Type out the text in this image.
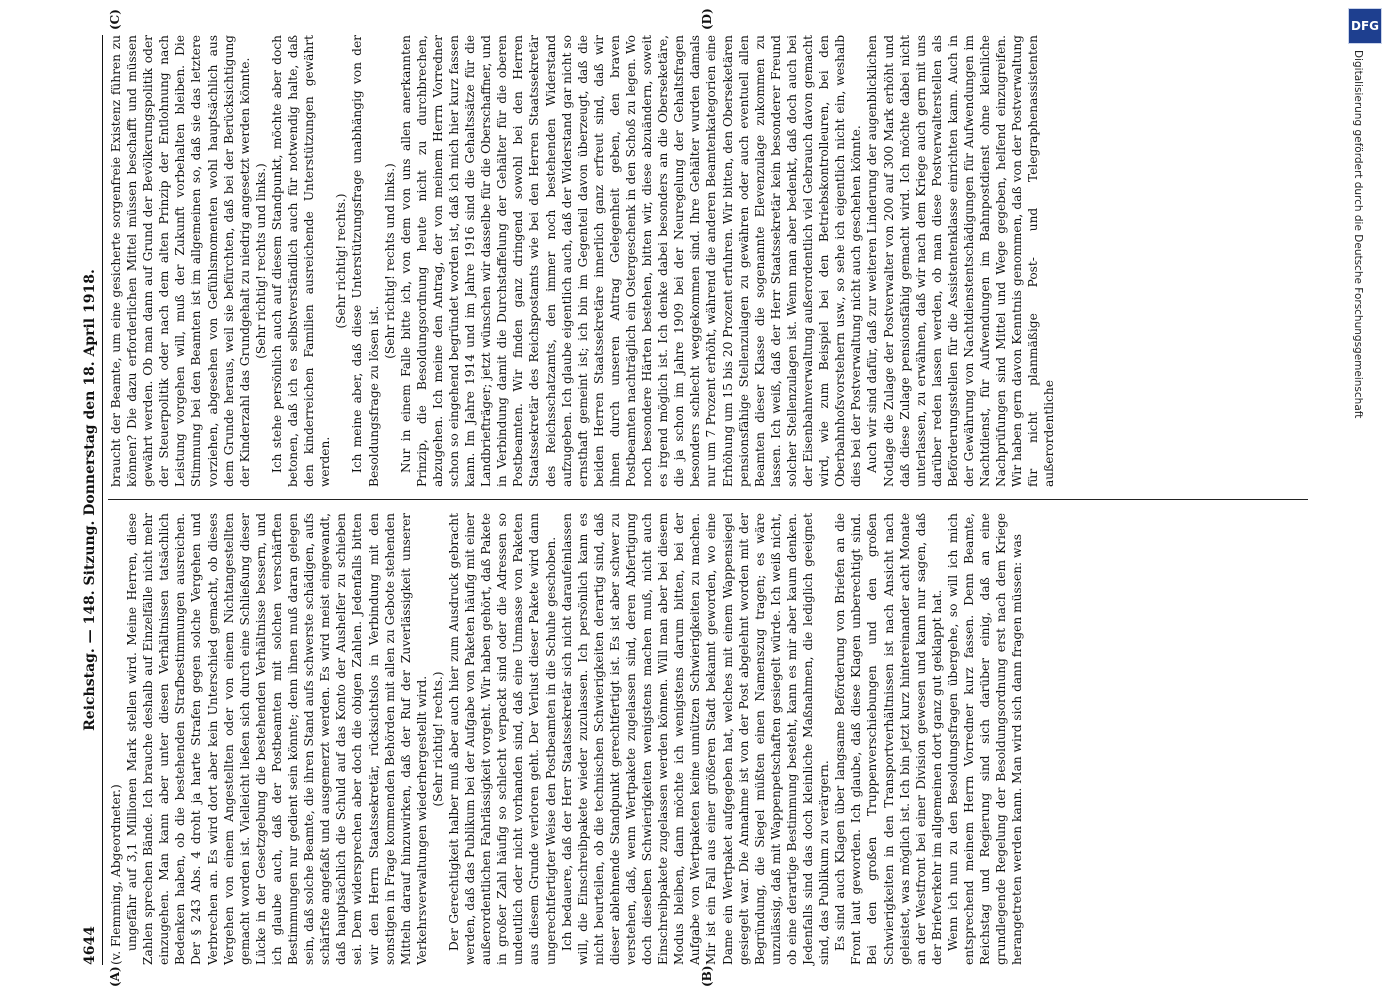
4644
Reichstag. — 148. Sitzung. Donnerstag den 18. April 1918.

(v. Flemming, Abgeordneter.) ungefähr auf 3,1 Millionen Mark stellen wird. Meine Herren, diese Zahlen sprechen Bände. Ich brauche deshalb auf Einzelfälle nicht mehr einzugehen. Man kann aber unter diesen Verhältnissen tatsächlich Bedenken haben, ob die bestehenden Strafbestimmungen ausreichen. Der § 243 Abs. 4 droht ja harte Strafen gegen solche Vergehen und Verbrechen an. Es wird dort aber kein Unterschied gemacht, ob dieses Vergehen von einem Angestellten oder von einem Nichtangestellten gemacht worden ist. Vielleicht ließen sich durch eine Schließung dieser Lücke in der Gesetzgebung die bestehenden Verhältnisse bessern, und ich glaube auch, daß der Postbeamten mit solchen verschärften Bestimmungen nur gedient sein könnte; denn ihnen muß daran gelegen sein, daß solche Beamte, die ihren Stand aufs schwerste schädigen, aufs schärfste angefaßt und ausgemerzt werden. Es wird meist eingewandt, daß hauptsächlich die Schuld auf das Konto der Aushelfer zu schieben sei. Dem widersprechen aber doch die obigen Zahlen. Jedenfalls bitten wir den Herrn Staatssekretär, rücksichtslos in Verbindung mit den sonstigen in Frage kommenden Behörden mit allen zu Gebote stehenden Mitteln darauf hinzuwirken, daß der Ruf der Zuverlässigkeit unserer Verkehrsverwaltungen wiederhergestellt wird. (Sehr richtig! rechts.) Der Gerechtigkeit halber muß aber auch hier zum Ausdruck gebracht werden, daß das Publikum bei der Aufgabe von Paketen häufig mit einer außerordentlichen Fahrlässigkeit vorgeht. Wir haben gehört, daß Pakete in großer Zahl häufig so schlecht verpackt sind oder die Adressen so undeutlich oder nicht vorhanden sind, daß eine Unmasse von Paketen aus diesem Grunde verloren geht. Der Verlust dieser Pakete wird dann ungerechtfertigter Weise den Postbeamten in die Schuhe geschoben. Ich bedauere, daß der Herr Staatssekretär sich nicht daraufeinlassen will, die Einschreibpakete wieder zuzulassen. Ich persönlich kann es nicht beurteilen, ob die technischen Schwierigkeiten derartig sind, daß dieser ablehnende Standpunkt gerechtfertigt ist. Es ist aber schwer zu verstehen, daß, wenn Wertpakete zugelassen sind, deren Abfertigung doch dieselben Schwierigkeiten wenigstens machen muß, nicht auch Einschreibpakete zugelassen werden können. Will man aber bei diesem Modus bleiben, dann möchte ich wenigstens darum bitten, bei der Aufgabe von Wertpaketen keine unnützen Schwierigkeiten zu machen. Mir ist ein Fall aus einer größeren Stadt bekannt geworden, wo eine Dame ein Wertpaket aufgegeben hat, welches mit einem Wappensiegel gesiegelt war. Die Annahme ist von der Post abgelehnt worden mit der Begründung, die Siegel müßten einen Namenszug tragen; es wäre unzulässig, daß mit Wappenpetschaften gesiegelt würde. Ich weiß nicht, ob eine derartige Bestimmung besteht, kann es mir aber kaum denken. Jedenfalls sind das doch kleinliche Maßnahmen, die lediglich geeignet sind, das Publikum zu verärgern. Es sind auch Klagen über langsame Beförderung von Briefen an die Front laut geworden. Ich glaube, daß diese Klagen unberechtigt sind. Bei den großen Truppenverschiebungen und den großen Schwierigkeiten in den Transportverhältnissen ist nach Ansicht nach geleistet, was möglich ist. Ich bin jetzt kurz hintereinander acht Monate an der Westfront bei einer Division gewesen und kann nur sagen, daß der Briefverkehr im allgemeinen dort ganz gut geklappt hat. Wenn ich nun zu den Besoldungsfragen übergehe, so will ich mich entsprechend meinem Herrn Vorredner kurz fassen. Denn Beamte, Reichstag und Regierung sind sich darüber einig, daß an eine grundlegende Regelung der Besoldungsordnung erst nach dem Kriege herangetreten werden kann. Man wird sich dann fragen müssen: was

braucht der Beamte, um eine gesicherte sorgenfreie Existenz führen zu können? Die dazu erforderlichen Mittel müssen beschafft und müssen gewährt werden. Ob man dann auf Grund der Bevölkerungspolitik oder der Steuerpolitik oder nach dem alten Prinzip der Entlohnung nach Leistung vorgehen will, muß der Zukunft vorbehalten bleiben. Die Stimmung bei den Beamten ist im allgemeinen so, daß sie das letztere vorziehen, abgesehen von Gefühlsmomenten wohl hauptsächlich aus dem Grunde heraus, weil sie befürchten, daß bei der Berücksichtigung der Kinderzahl das Grundgehalt zu niedrig angesetzt werden könnte. (Sehr richtig! rechts und links.) Ich stehe persönlich auch auf diesem Standpunkt, möchte aber doch betonen, daß ich es selbstverständlich auch für notwendig halte, daß den kinderreichen Familien ausreichende Unterstützungen gewährt werden.

(Sehr richtig! rechts.) Ich meine aber, daß diese Unterstützungsfrage unabhängig von der Besoldungsfrage zu lösen ist.

(Sehr richtig! rechts und links.) Nur in einem Falle bitte ich, von dem von uns allen anerkannten Prinzip, die Besoldungsordnung heute nicht zu durchbrechen, abzugehen. Ich meine den Antrag, der von meinem Herrn Vorredner schon so eingehend begründet worden ist, daß ich mich hier kurz fassen kann. Im Jahre 1914 und im Jahre 1916 sind die Gehaltssätze für die Landbriefträger; jetzt wünschen wir dasselbe für die Oberschaffner, und in Verbindung damit die Durchstaffelung der Gehälter für die oberen Postbeamten. Wir finden ganz dringend sowohl bei den Herren Staatssekretär des Reichspostamts wie bei den Herren Staatssekretär des Reichsschatzamts, den immer noch bestehenden Widerstand aufzugeben. Ich glaube eigentlich auch, daß der Widerstand gar nicht so ernsthaft gemeint ist; ich bin im Gegenteil davon überzeugt, daß die beiden Herren Staatssekretäre innerlich ganz erfreut sind, daß wir ihnen durch unseren Antrag Gelegenheit geben, den braven Postbeamten nachträglich ein Ostergeschenk in den Schoß zu legen. Wo noch besondere Härten bestehen, bitten wir, diese abzuändern, soweit es irgend möglich ist. Ich denke dabei besonders an die Oberseketäre, die ja schon im Jahre 1909 bei der Neuregelung der Gehaltsfragen besonders schlecht weggekommen sind. Ihre Gehälter wurden damals nur um 7 Prozent erhöht, während die anderen Beamtenkategorien eine Erhöhung um 15 bis 20 Prozent erfuhren. Wir bitten, den Oberseketären pensionsfähige Stellenzulagen zu gewähren oder auch eventuell allen Beamten dieser Klasse die sogenannte Elevenzulage zukommen zu lassen. Ich weiß, daß der Herr Staatssekretär kein besonderer Freund solcher Stellenzulagen ist. Wenn man aber bedenkt, daß doch auch bei der Eisenbahnverwaltung außerordentlich viel Gebrauch davon gemacht wird, wie zum Beispiel bei den Betriebskontrolleuren, bei den Oberbahnhofsvorstehern usw., so sehe ich eigentlich nicht ein, weshalb dies bei der Postverwaltung nicht auch geschehen könnte. Auch wir sind dafür, daß zur weiteren Linderung der augenblicklichen Notlage die Zulage der Postverwalter von 200 auf 300 Mark erhöht und daß diese Zulage pensionsfähig gemacht wird. Ich möchte dabei nicht unterlassen, zu erwähnen, daß wir nach dem Kriege auch gern mit uns darüber reden lassen werden, ob man diese Postverwalterstellen als Beförderungsstellen für die Assistentenklasse einrichten kann. Auch in der Gewährung von Nachtdienstentschädigungen für Aufwendungen im Nachtdienst, für Aufwendungen im Bahnpostdienst ohne kleinliche Nachprüfungen sind Mittel und Wege gegeben, helfend einzugreifen. Wir haben gern davon Kenntnis genommen, daß von der Postverwaltung für nicht planmäßige Post- und Telegraphenassistenten außerordentliche

(A)	(B)
(C)	(D)	DFG
Digitalisierung gefördert durch die Deutsche Forschungsgemeinschaft
